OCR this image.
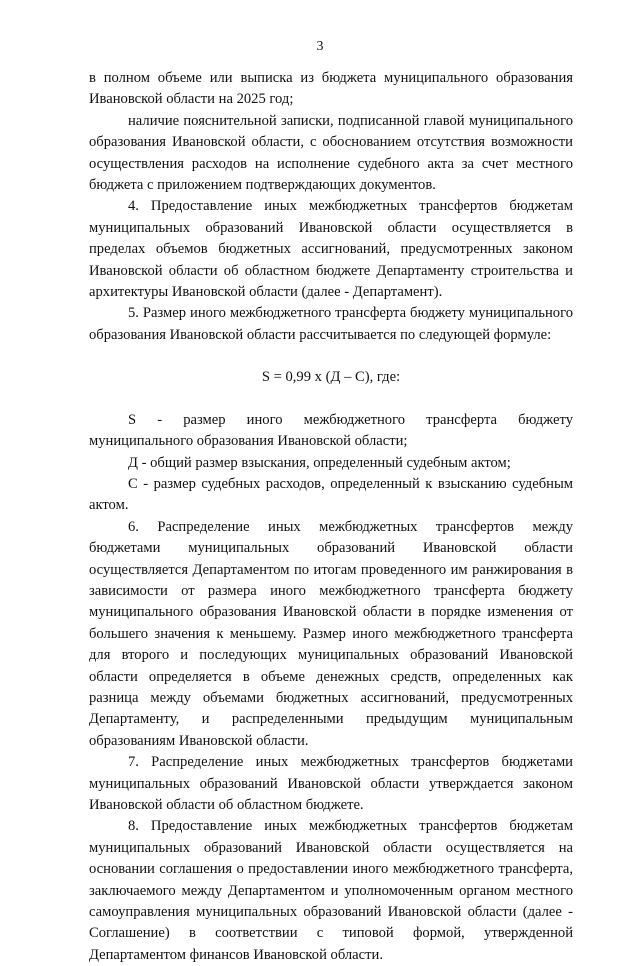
3

в полном объеме или выписка из бюджета муниципального образования Ивановской области на 2025 год;

наличие пояснительной записки, подписанной главой муниципального образования Ивановской области, с обоснованием отсутствия возможности осуществления расходов на исполнение судебного акта за счет местного бюджета с приложением подтверждающих документов.

4. Предоставление иных межбюджетных трансфертов бюджетам муниципальных образований Ивановской области осуществляется в пределах объемов бюджетных ассигнований, предусмотренных законом Ивановской области об областном бюджете Департаменту строительства и архитектуры Ивановской области (далее - Департамент).

5. Размер иного межбюджетного трансферта бюджету муниципального образования Ивановской области рассчитывается по следующей формуле:

S = 0,99 х (Д – С), где:

S - размер иного межбюджетного трансферта бюджету муниципального образования Ивановской области;

Д - общий размер взыскания, определенный судебным актом;

С - размер судебных расходов, определенный к взысканию судебным актом.

6. Распределение иных межбюджетных трансфертов между бюджетами муниципальных образований Ивановской области осуществляется Департаментом по итогам проведенного им ранжирования в зависимости от размера иного межбюджетного трансферта бюджету муниципального образования Ивановской области в порядке изменения от большего значения к меньшему. Размер иного межбюджетного трансферта для второго и последующих муниципальных образований Ивановской области определяется в объеме денежных средств, определенных как разница между объемами бюджетных ассигнований, предусмотренных Департаменту, и распределенными предыдущим муниципальным образованиям Ивановской области.

7. Распределение иных межбюджетных трансфертов бюджетами муниципальных образований Ивановской области утверждается законом Ивановской области об областном бюджете.

8. Предоставление иных межбюджетных трансфертов бюджетам муниципальных образований Ивановской области осуществляется на основании соглашения о предоставлении иного межбюджетного трансферта, заключаемого между Департаментом и уполномоченным органом местного самоуправления муниципальных образований Ивановской области (далее - Соглашение) в соответствии с типовой формой, утвержденной Департаментом финансов Ивановской области.
